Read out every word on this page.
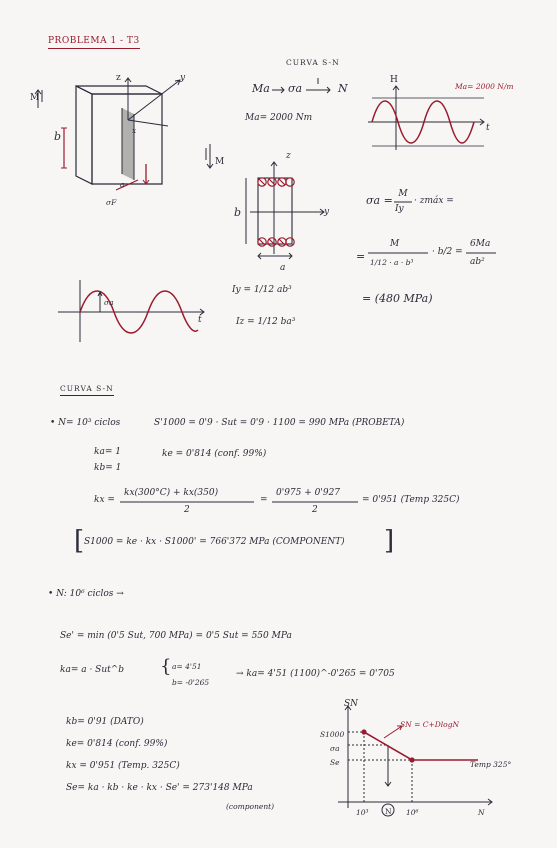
PROBLEMA 1 - T3
CURVA S-N
Ma σa	N
Ma= 2000 Nm
H
Ma= 2000 N/m
t
z	y
M
M
b
σF
x
a
z
y
b
a
σa = M
Iy
· zmáx =
=
M
1/12 · a · b³
· b/2 =
6Ma
ab²
= (480 MPa)
Iy = 1/12 ab³
Iz = 1/12 ba³
σa
t
CURVA S-N
• N= 10³ ciclos	S'1000 = 0'9 · Sut = 0'9 · 1100 = 990 MPa (PROBETA)
ka= 1
kb= 1
ke = 0'814 (conf. 99%)
kx =
kx(300°C) + kx(350)
2
=
0'975 + 0'927
2
= 0'951 (Temp 325C)
[ S1000 = ke · kx · S1000' = 766'372 MPa (COMPONENT) ]
• N: 10⁶ ciclos →
Se' = min (0'5 Sut, 700 MPa) = 0'5 Sut = 550 MPa
ka= a · Sut^b { a= 4'51
b= -0'265
→ ka= 4'51 (1100)^-0'265 = 0'705
kb= 0'91 (DATO)
ke= 0'814 (conf. 99%)
kx = 0'951 (Temp. 325C)
Se= ka · kb · ke · kx · Se' = 273'148 MPa
(component)
SN
S1000
σa
Se
SN = C+DlogN
Temp 325°
10³ N 10⁶	N
